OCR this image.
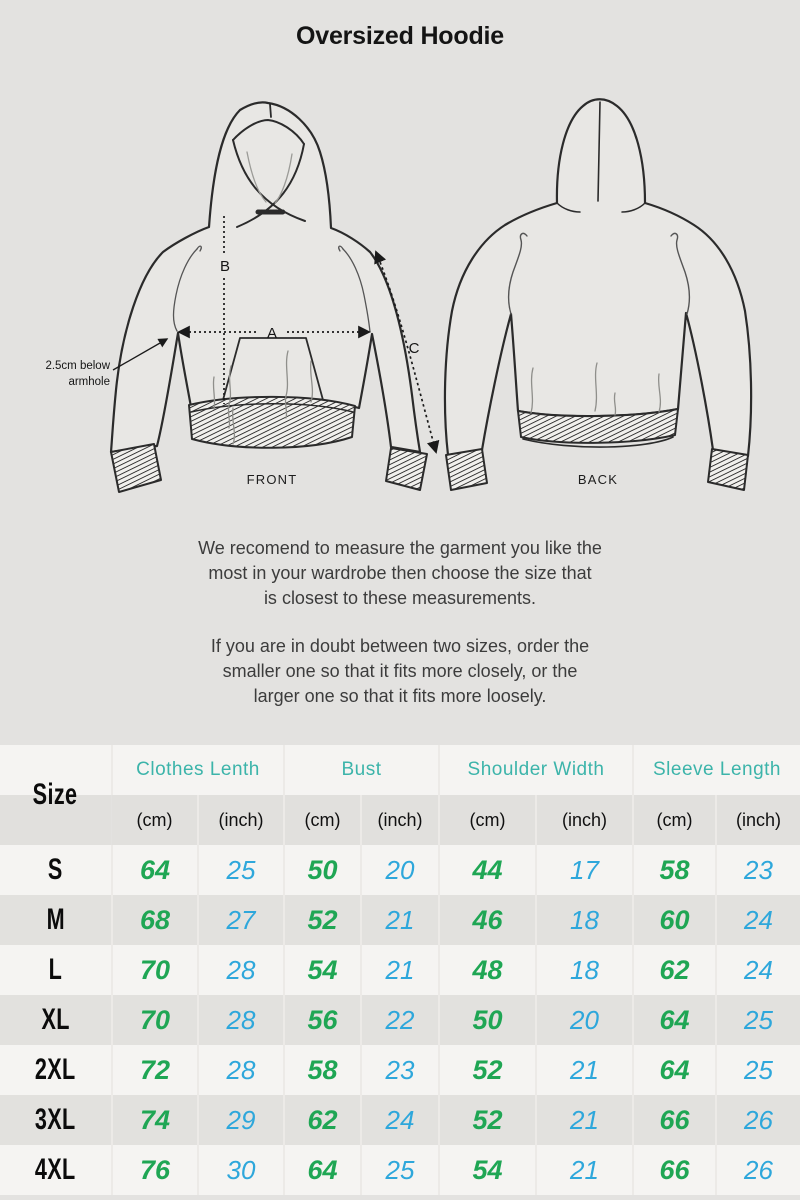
Oversized Hoodie
A
B
C
2.5cm below
armhole
FRONT	BACK
We recomend to measure the garment you like the
most in your wardrobe then choose the size that
is closest to these measurements.
If you are in doubt between two sizes, order the
smaller one so that it fits more closely, or the
larger one so that it fits more loosely.
Size	Clothes Lenth		Bust		Shoulder Width		Sleeve Length	
	(cm)	(inch)	(cm)	(inch)	(cm)	(inch)	(cm)	(inch)
S	64	25	50	20	44	17	58	23
M	68	27	52	21	46	18	60	24
L	70	28	54	21	48	18	62	24
XL	70	28	56	22	50	20	64	25
2XL	72	28	58	23	52	21	64	25
3XL	74	29	62	24	52	21	66	26
4XL	76	30	64	25	54	21	66	26
